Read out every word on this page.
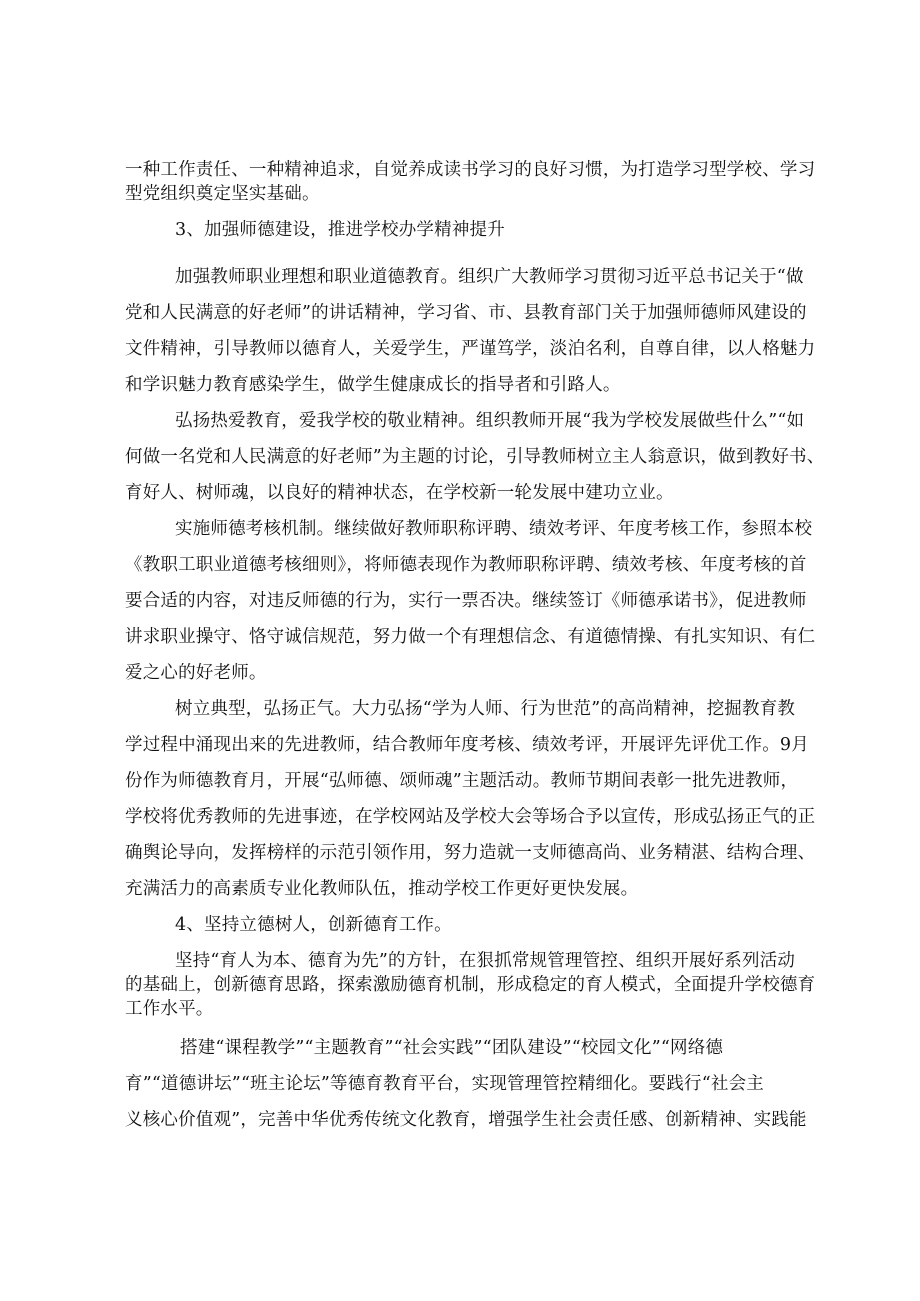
一种工作责任、一种精神追求，自觉养成读书学习的良好习惯，为打造学习型学校、学习
型党组织奠定坚实基础。
3、加强师德建设，推进学校办学精神提升
加强教师职业理想和职业道德教育。组织广大教师学习贯彻习近平总书记关于“做
党和人民满意的好老师”的讲话精神，学习省、市、县教育部门关于加强师德师风建设的
文件精神，引导教师以德育人，关爱学生，严谨笃学，淡泊名利，自尊自律，以人格魅力
和学识魅力教育感染学生，做学生健康成长的指导者和引路人。
弘扬热爱教育，爱我学校的敬业精神。组织教师开展“我为学校发展做些什么”“如
何做一名党和人民满意的好老师”为主题的讨论，引导教师树立主人翁意识，做到教好书、
育好人、树师魂，以良好的精神状态，在学校新一轮发展中建功立业。
实施师德考核机制。继续做好教师职称评聘、绩效考评、年度考核工作，参照本校
《教职工职业道德考核细则》，将师德表现作为教师职称评聘、绩效考核、年度考核的首
要合适的内容，对违反师德的行为，实行一票否决。继续签订《师德承诺书》，促进教师
讲求职业操守、恪守诚信规范，努力做一个有理想信念、有道德情操、有扎实知识、有仁
爱之心的好老师。
树立典型，弘扬正气。大力弘扬“学为人师、行为世范”的高尚精神，挖掘教育教
学过程中涌现出来的先进教师，结合教师年度考核、绩效考评，开展评先评优工作。9月
份作为师德教育月，开展“弘师德、颂师魂”主题活动。教师节期间表彰一批先进教师，
学校将优秀教师的先进事迹，在学校网站及学校大会等场合予以宣传，形成弘扬正气的正
确舆论导向，发挥榜样的示范引领作用，努力造就一支师德高尚、业务精湛、结构合理、
充满活力的高素质专业化教师队伍，推动学校工作更好更快发展。
4、坚持立德树人，创新德育工作。
坚持“育人为本、德育为先”的方针，在狠抓常规管理管控、组织开展好系列活动
的基础上，创新德育思路，探索激励德育机制，形成稳定的育人模式，全面提升学校德育
工作水平。
搭建“课程教学”“主题教育”“社会实践”“团队建设”“校园文化”“网络德
育”“道德讲坛”“班主论坛”等德育教育平台，实现管理管控精细化。要践行“社会主
义核心价值观”，完善中华优秀传统文化教育，增强学生社会责任感、创新精神、实践能
